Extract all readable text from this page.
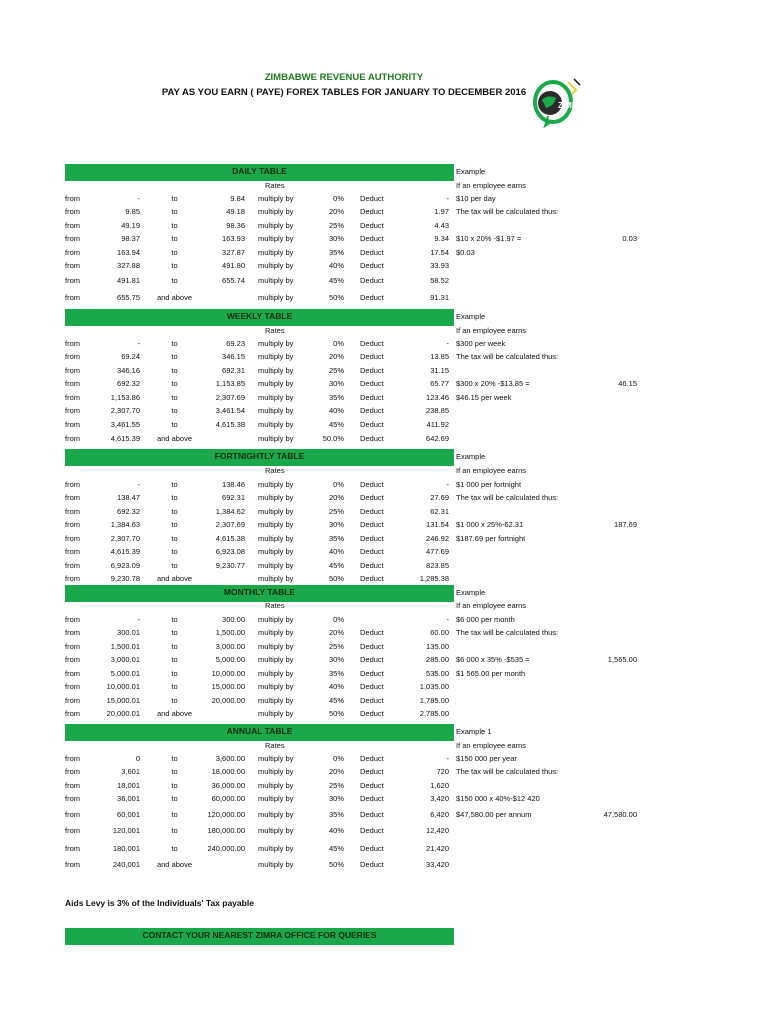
ZIMBABWE REVENUE AUTHORITY
PAY AS YOU EARN ( PAYE) FOREX TABLES FOR JANUARY TO DECEMBER 2016
ZIMRA
DAILY TABLE	Example
Rates	If an employee earns
from	-	to	9.84 multiply by	0% Deduct	- $10 per day
from	9.85	to	49.18 multiply by	20% Deduct	1.97 The tax will be calculated thus:
from	49.19	to	98.36 multiply by	25% Deduct	4.43
from	98.37	to	163.93 multiply by	30% Deduct	9.34 $10 x 20% -$1.97 =	0.03
from	163.94	to	327.87 multiply by	35% Deduct	17.54 $0.03
from	327.88	to	491.80 multiply by	40% Deduct	33.93
from	491.81	to	655.74 multiply by	45% Deduct	58.52
from	655.75	and above	multiply by	50% Deduct	91.31
WEEKLY TABLE	Example
Rates	If an employee earns
from	-	to	69.23 multiply by	0% Deduct	- $300 per week
from	69.24	to	346.15 multiply by	20% Deduct	13.85 The tax will be calculated thus:
from	346.16	to	692.31 multiply by	25% Deduct	31.15
from	692.32	to	1,153.85 multiply by	30% Deduct	65.77 $300 x 20% -$13.85 =	46.15
from	1,153.86	to	2,307.69 multiply by	35% Deduct	123.46 $46.15 per week
from	2,307.70	to	3,461.54 multiply by	40% Deduct	238.85
from	3,461.55	to	4,615.38 multiply by	45% Deduct	411.92
from	4,615.39	and above	multiply by	50.0% Deduct	642.69
FORTNIGHTLY TABLE	Example
Rates	If an employee earns
from	-	to	138.46 multiply by	0% Deduct	- $1 000 per fortnight
from	138.47	to	692.31 multiply by	20% Deduct	27.69 The tax will be calculated thus:
from	692.32	to	1,384.62 multiply by	25% Deduct	62.31
from	1,384.63	to	2,307.69 multiply by	30% Deduct	131.54 $1 000 x 25%-62.31	187.69
from	2,307.70	to	4,615.38 multiply by	35% Deduct	246.92 $187.69 per fortnight
from	4,615.39	to	6,923.08 multiply by	40% Deduct	477.69
from	6,923.09	to	9,230.77 multiply by	45% Deduct	823.85
from	9,230.78	and above	multiply by	50% Deduct	1,285.38
MONTHLY TABLE	Example
Rates	If an employee earns
from	-	to	300.00 multiply by	0%	- $6 000 per month
from	300.01	to	1,500.00 multiply by	20% Deduct	60.00 The tax will be calculated thus:
from	1,500.01	to	3,000.00 multiply by	25% Deduct	135.00
from	3,000.01	to	5,000.00 multiply by	30% Deduct	285.00 $6 000 x 35% -$535 =	1,565.00
from	5,000.01	to	10,000.00 multiply by	35% Deduct	535.00 $1 565.00 per month
from	10,000.01	to	15,000.00 multiply by	40% Deduct	1,035.00
from	15,000.01	to	20,000.00 multiply by	45% Deduct	1,785.00
from	20,000.01	and above	multiply by	50% Deduct	2,785.00
ANNUAL TABLE	Example 1
Rates	If an employee earns
from	0	to	3,600.00 multiply by	0% Deduct	- $150 000 per year
from	3,601	to	18,000.00 multiply by	20% Deduct	720 The tax will be calculated thus:
from	18,001	to	36,000.00 multiply by	25% Deduct	1,620
from	36,001	to	60,000.00 multiply by	30% Deduct	3,420 $150 000 x 40%-$12 420
from	60,001	to	120,000.00 multiply by	35% Deduct	6,420 $47,580.00 per annum	47,580.00
from	120,001	to	180,000.00 multiply by	40% Deduct	12,420
from	180,001	to	240,000.00 multiply by	45% Deduct	21,420
from	240,001	and above	multiply by	50% Deduct	33,420
Aids Levy is 3% of the Individuals' Tax payable
CONTACT YOUR NEAREST ZIMRA OFFICE FOR QUERIES
